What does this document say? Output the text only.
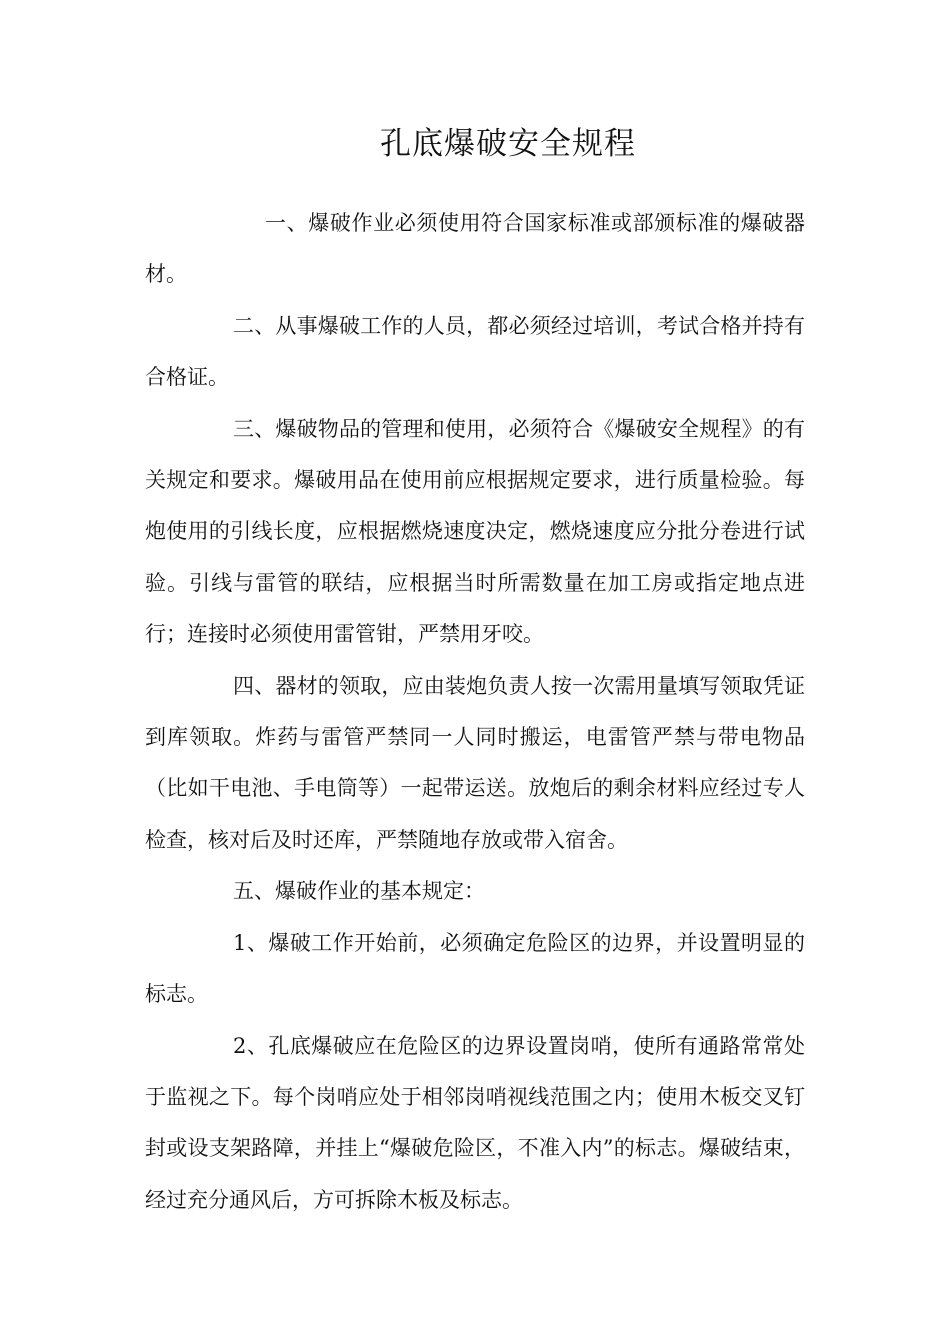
孔底爆破安全规程

一、爆破作业必须使用符合国家标准或部颁标准的爆破器材。

二、从事爆破工作的人员，都必须经过培训，考试合格并持有合格证。

三、爆破物品的管理和使用，必须符合《爆破安全规程》的有关规定和要求。爆破用品在使用前应根据规定要求，进行质量检验。每炮使用的引线长度，应根据燃烧速度决定，燃烧速度应分批分卷进行试验。引线与雷管的联结，应根据当时所需数量在加工房或指定地点进行；连接时必须使用雷管钳，严禁用牙咬。

四、器材的领取，应由装炮负责人按一次需用量填写领取凭证到库领取。炸药与雷管严禁同一人同时搬运，电雷管严禁与带电物品（比如干电池、手电筒等）一起带运送。放炮后的剩余材料应经过专人检查，核对后及时还库，严禁随地存放或带入宿舍。

五、爆破作业的基本规定：

1、爆破工作开始前，必须确定危险区的边界，并设置明显的标志。

2、孔底爆破应在危险区的边界设置岗哨，使所有通路常常处于监视之下。每个岗哨应处于相邻岗哨视线范围之内；使用木板交叉钉封或设支架路障，并挂上“爆破危险区，不准入内”的标志。爆破结束，经过充分通风后，方可拆除木板及标志。
